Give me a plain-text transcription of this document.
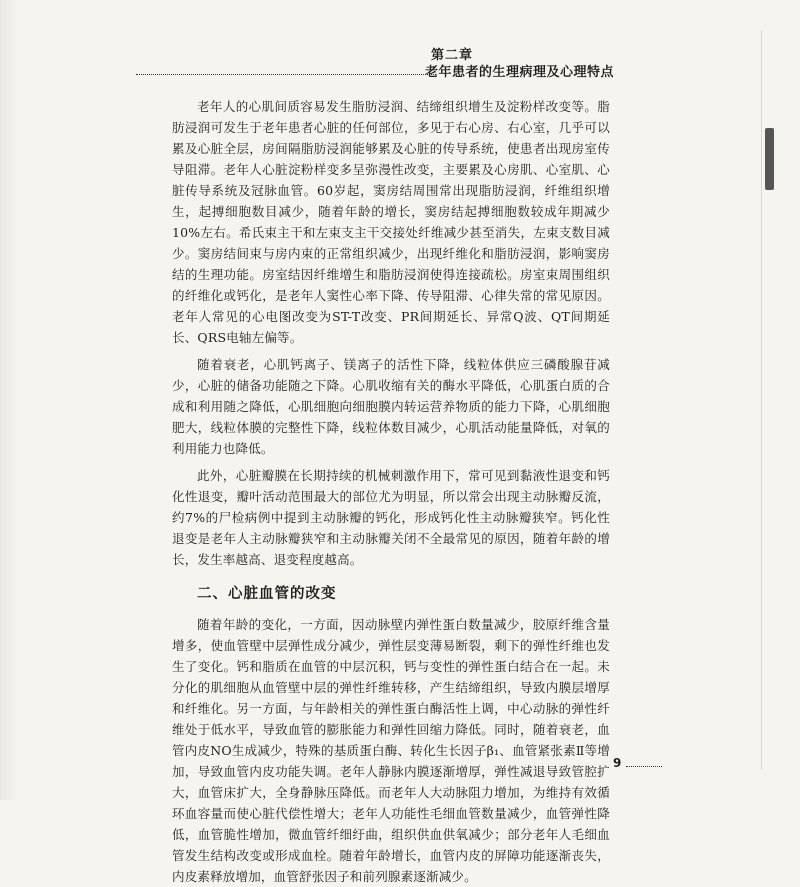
第二章
老年患者的生理病理及心理特点

老年人的心肌间质容易发生脂肪浸润、结缔组织增生及淀粉样改变等。脂肪浸润可发生于老年患者心脏的任何部位，多见于右心房、右心室，几乎可以累及心脏全层，房间隔脂肪浸润能够累及心脏的传导系统，使患者出现房室传导阻滞。老年人心脏淀粉样变多呈弥漫性改变，主要累及心房肌、心室肌、心脏传导系统及冠脉血管。60岁起，窦房结周围常出现脂肪浸润，纤维组织增生，起搏细胞数目减少，随着年龄的增长，窦房结起搏细胞数较成年期减少10%左右。希氏束主干和左束支主干交接处纤维减少甚至消失，左束支数目减少。窦房结间束与房内束的正常组织减少，出现纤维化和脂肪浸润，影响窦房结的生理功能。房室结因纤维增生和脂肪浸润使得连接疏松。房室束周围组织的纤维化或钙化，是老年人窦性心率下降、传导阻滞、心律失常的常见原因。老年人常见的心电图改变为ST-T改变、PR间期延长、异常Q波、QT间期延长、QRS电轴左偏等。

随着衰老，心肌钙离子、镁离子的活性下降，线粒体供应三磷酸腺苷减少，心脏的储备功能随之下降。心肌收缩有关的酶水平降低，心肌蛋白质的合成和利用随之降低，心肌细胞向细胞膜内转运营养物质的能力下降，心肌细胞肥大，线粒体膜的完整性下降，线粒体数目减少，心肌活动能量降低，对氧的利用能力也降低。

此外，心脏瓣膜在长期持续的机械刺激作用下，常可见到黏液性退变和钙化性退变，瓣叶活动范围最大的部位尤为明显，所以常会出现主动脉瓣反流，约7%的尸检病例中提到主动脉瓣的钙化，形成钙化性主动脉瓣狭窄。钙化性退变是老年人主动脉瓣狭窄和主动脉瓣关闭不全最常见的原因，随着年龄的增长，发生率越高、退变程度越高。

二、心脏血管的改变

随着年龄的变化，一方面，因动脉壁内弹性蛋白数量减少，胶原纤维含量增多，使血管壁中层弹性成分减少，弹性层变薄易断裂，剩下的弹性纤维也发生了变化。钙和脂质在血管的中层沉积，钙与变性的弹性蛋白结合在一起。未分化的肌细胞从血管壁中层的弹性纤维转移，产生结缔组织，导致内膜层增厚和纤维化。另一方面，与年龄相关的弹性蛋白酶活性上调，中心动脉的弹性纤维处于低水平，导致血管的膨胀能力和弹性回缩力降低。同时，随着衰老，血管内皮NO生成减少，特殊的基质蛋白酶、转化生长因子β₁、血管紧张素Ⅱ等增加，导致血管内皮功能失调。老年人静脉内膜逐渐增厚，弹性减退导致管腔扩大，血管床扩大，全身静脉压降低。而老年人大动脉阻力增加，为维持有效循环血容量而使心脏代偿性增大；老年人功能性毛细血管数量减少，血管弹性降低，血管脆性增加，微血管纤细纡曲，组织供血供氧减少；部分老年人毛细血管发生结构改变或形成血栓。随着年龄增长，血管内皮的屏障功能逐渐丧失，内皮素释放增加，血管舒张因子和前列腺素逐渐减少。

9
